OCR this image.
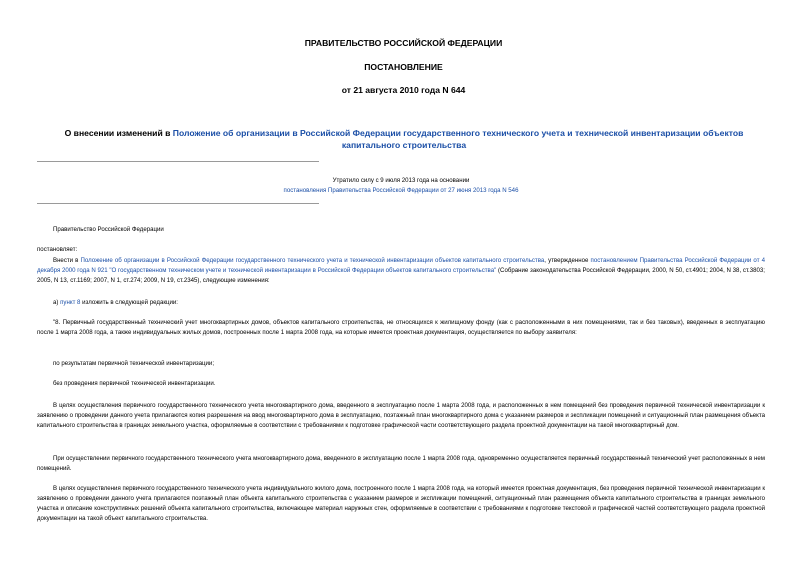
ПРАВИТЕЛЬСТВО РОССИЙСКОЙ ФЕДЕРАЦИИ
ПОСТАНОВЛЕНИЕ
от 21 августа 2010 года N 644
О внесении изменений в Положение об организации в Российской Федерации государственного технического учета и технической инвентаризации объектов капитального строительства
Утратило силу с 9 июля 2013 года на основании
постановления Правительства Российской Федерации от 27 июня 2013 года N 546
Правительство Российской Федерации
постановляет:
Внести в Положение об организации в Российской Федерации государственного технического учета и технической инвентаризации объектов капитального строительства, утвержденное постановлением Правительства Российской Федерации от 4 декабря 2000 года N 921 "О государственном техническом учете и технической инвентаризации в Российской Федерации объектов капитального строительства" (Собрание законодательства Российской Федерации, 2000, N 50, ст.4901; 2004, N 38, ст.3803; 2005, N 13, ст.1169; 2007, N 1, ст.274; 2009, N 19, ст.2345), следующие изменения:
а) пункт 8 изложить в следующей редакции:
"8. Первичный государственный технический учет многоквартирных домов, объектов капитального строительства, не относящихся к жилищному фонду (как с расположенными в них помещениями, так и без таковых), введенных в эксплуатацию после 1 марта 2008 года, а также индивидуальных жилых домов, построенных после 1 марта 2008 года, на которые имеется проектная документация, осуществляется по выбору заявителя:
по результатам первичной технической инвентаризации;
без проведения первичной технической инвентаризации.
В целях осуществления первичного государственного технического учета многоквартирного дома, введенного в эксплуатацию после 1 марта 2008 года, и расположенных в нем помещений без проведения первичной технической инвентаризации к заявлению о проведении данного учета прилагаются копия разрешения на ввод многоквартирного дома в эксплуатацию, поэтажный план многоквартирного дома с указанием размеров и экспликации помещений и ситуационный план размещения объекта капитального строительства в границах земельного участка, оформляемые в соответствии с требованиями к подготовке графической части соответствующего раздела проектной документации на такой многоквартирный дом.
При осуществлении первичного государственного технического учета многоквартирного дома, введенного в эксплуатацию после 1 марта 2008 года, одновременно осуществляется первичный государственный технический учет расположенных в нем помещений.
В целях осуществления первичного государственного технического учета индивидуального жилого дома, построенного после 1 марта 2008 года, на который имеется проектная документация, без проведения первичной технической инвентаризации к заявлению о проведении данного учета прилагаются поэтажный план объекта капитального строительства с указанием размеров и экспликации помещений, ситуационный план размещения объекта капитального строительства в границах земельного участка и описание конструктивных решений объекта капитального строительства, включающее материал наружных стен, оформляемые в соответствии с требованиями к подготовке текстовой и графической частей соответствующего раздела проектной документации на такой объект капитального строительства.
